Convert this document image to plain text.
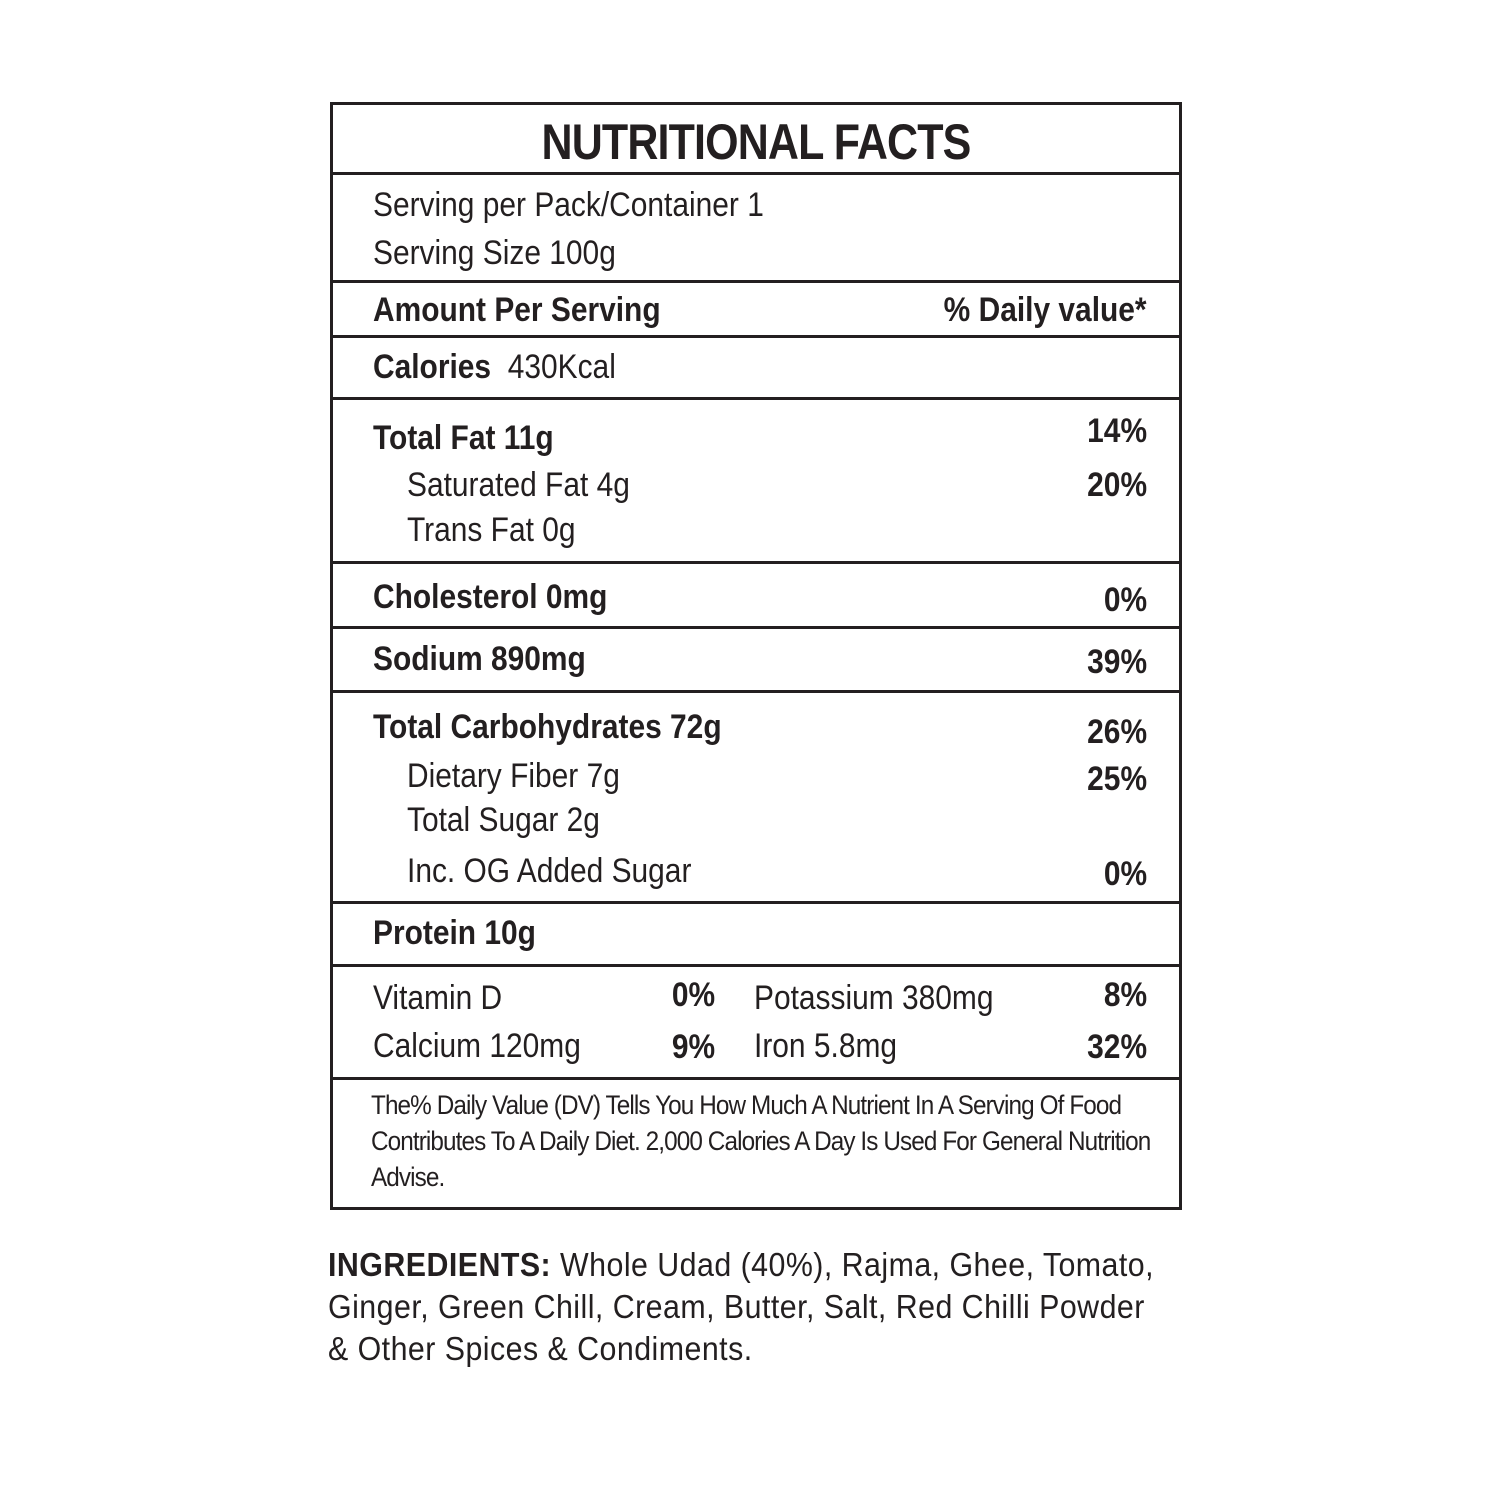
NUTRITIONAL FACTS
Serving per Pack/Container 1
Serving Size 100g
Amount Per Serving	% Daily value*
Calories 430Kcal
Total Fat 11g	14%
Saturated Fat 4g	20%
Trans Fat 0g
Cholesterol 0mg	0%
Sodium 890mg	39%
Total Carbohydrates 72g	26%
Dietary Fiber 7g	25%
Total Sugar 2g
Inc. OG Added Sugar	0%
Protein 10g
Vitamin D	0% Potassium 380mg	8%
Calcium 120mg	9% Iron 5.8mg	32%
The% Daily Value (DV) Tells You How Much A Nutrient In A Serving Of Food Contributes To A Daily Diet. 2,000 Calories A Day Is Used For General Nutrition Advise.
INGREDIENTS: Whole Udad (40%), Rajma, Ghee, Tomato, Ginger, Green Chill, Cream, Butter, Salt, Red Chilli Powder & Other Spices & Condiments.
